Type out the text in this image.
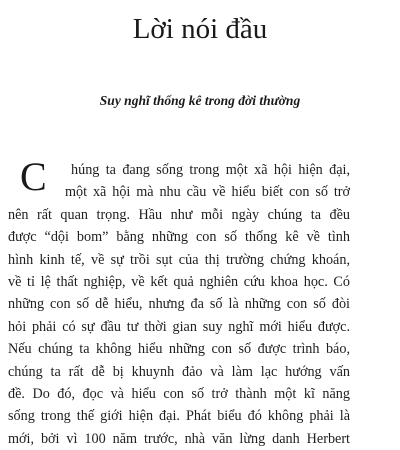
Lời nói đầu
Suy nghĩ thống kê trong đời thường
C	húng ta đang sống trong một xã hội hiện đại,
một xã hội mà nhu cầu về hiểu biết con số trở
nên rất quan trọng. Hầu như mỗi ngày chúng ta đều
được “dội bom” bằng những con số thống kê về tình
hình kinh tế, về sự trồi sụt của thị trường chứng khoán,
về tỉ lệ thất nghiệp, về kết quả nghiên cứu khoa học. Có
những con số dễ hiểu, nhưng đa số là những con số đòi
hỏi phải có sự đầu tư thời gian suy nghĩ mới hiểu được.
Nếu chúng ta không hiểu những con số được trình báo,
chúng ta rất dễ bị khuynh đảo và làm lạc hướng vấn
đề. Do đó, đọc và hiểu con số trở thành một kĩ năng
sống trong thế giới hiện đại. Phát biểu đó không phải là
mới, bởi vì 100 năm trước, nhà văn lừng danh Herbert
